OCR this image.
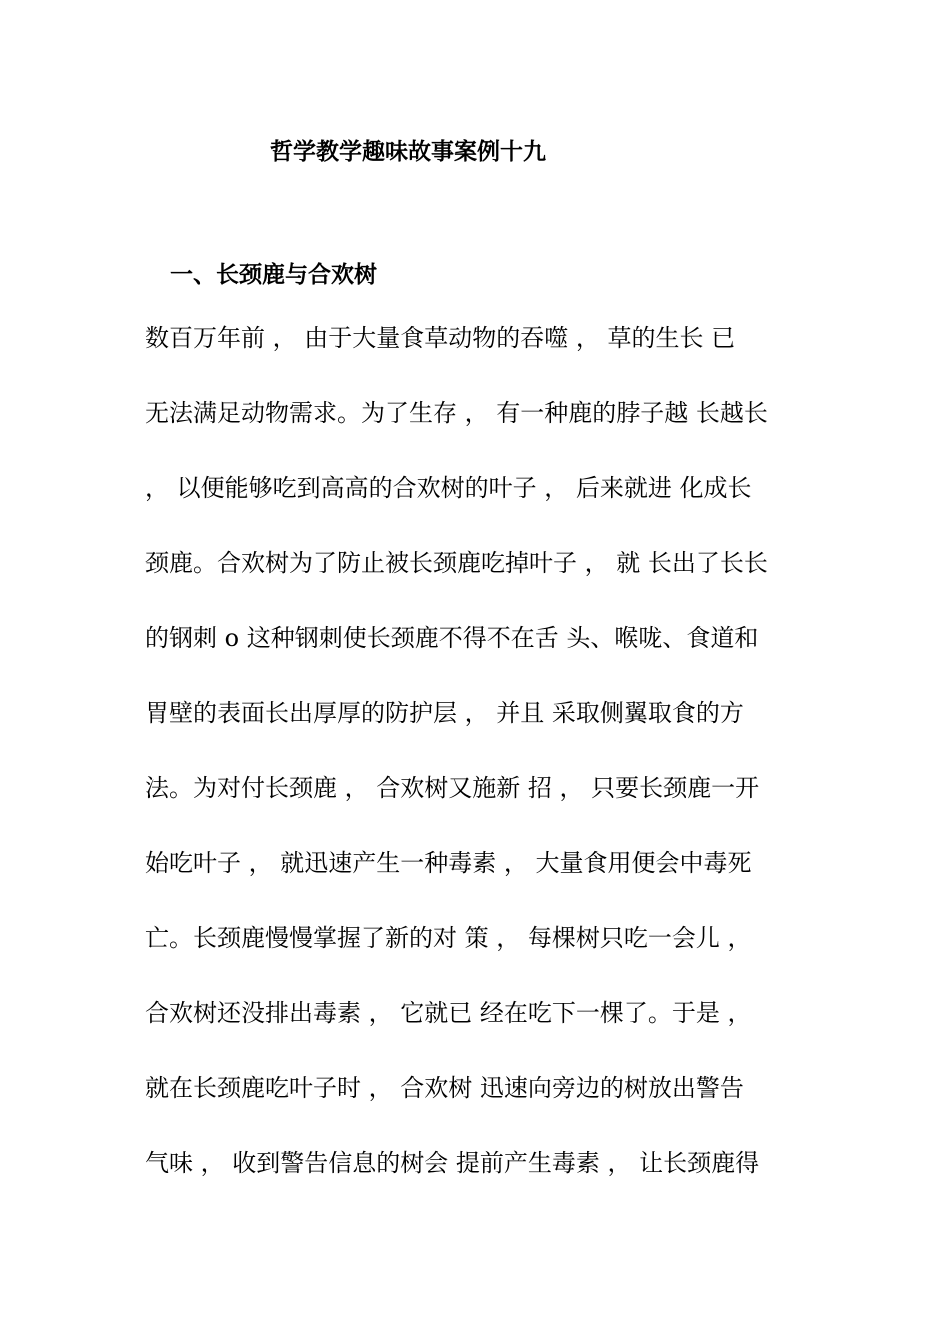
哲学教学趣味故事案例十九
一、长颈鹿与合欢树
数百万年前 ， 由于大量食草动物的吞噬 ， 草的生长 已
无法满足动物需求。为了生存 ， 有一种鹿的脖子越 长越长
， 以便能够吃到高高的合欢树的叶子 ， 后来就进 化成长
颈鹿。合欢树为了防止被长颈鹿吃掉叶子 ， 就 长出了长长
的钢刺 o 这种钢刺使长颈鹿不得不在舌 头、喉咙、食道和
胃壁的表面长出厚厚的防护层 ， 并且 采取侧翼取食的方
法。为对付长颈鹿 ， 合欢树又施新 招 ， 只要长颈鹿一开
始吃叶子 ， 就迅速产生一种毒素 ， 大量食用便会中毒死
亡。长颈鹿慢慢掌握了新的对 策 ， 每棵树只吃一会儿 ，
合欢树还没排出毒素 ， 它就已 经在吃下一棵了。于是 ，
就在长颈鹿吃叶子时 ， 合欢树 迅速向旁边的树放出警告
气味 ， 收到警告信息的树会 提前产生毒素 ， 让长颈鹿得
